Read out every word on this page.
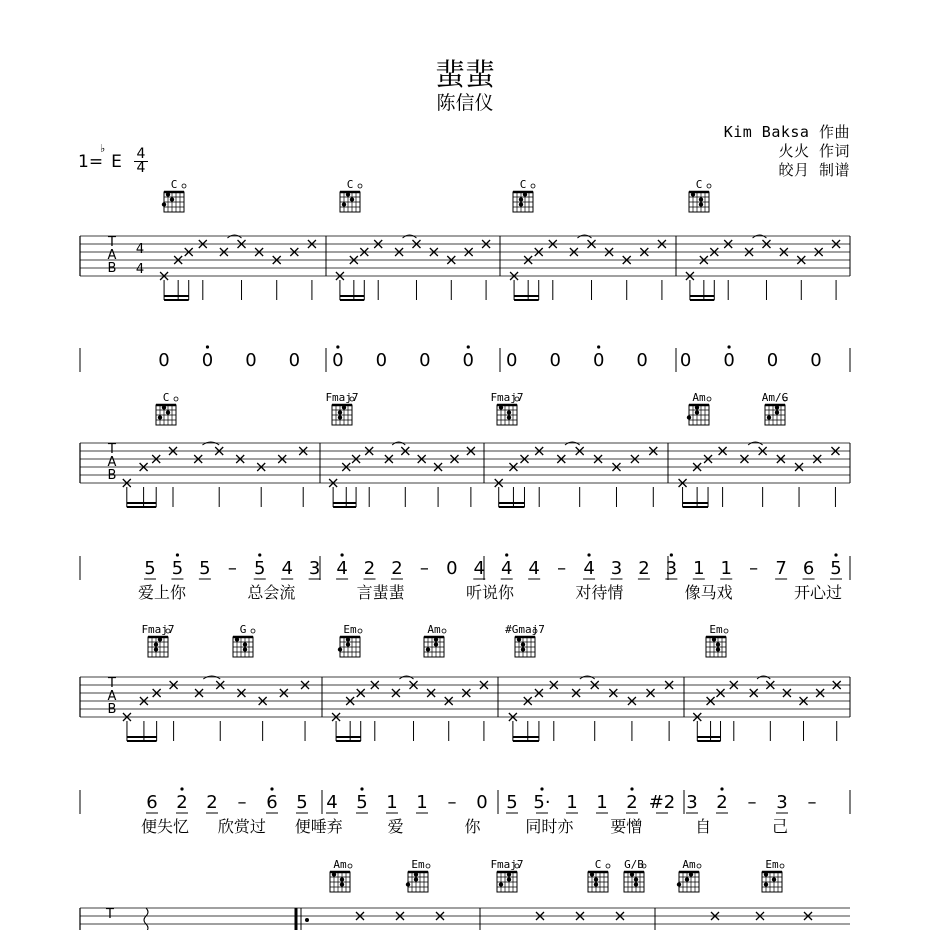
蜚蜚
陈信仪
Kim Baksa 作曲
火火 作词
皎月 制谱
1=
♭
E 4
4
C	C	C	C
T
A
B
4
4
0 0 0 0 0 0 0 0 0 0 0 0 0 0 0 0
C	Fmaj7	Fmaj7	Am	Am/G
T
A
B
5 5 5 – 5 4 3 4 2 2 – 0 4 4 4 – 4 3 2 3 1 1 – 7 6 5
爱上你	总会流	言蜚蜚	听说你	对待情	像马戏	开心过
Fmaj7	G	Em	Am	#Gmaj7	Em
T
A
B
6 2 2 – 6 5 4 5 1 1 – 0 5 5· 1 1 2 #2 3 2 – 3 –
便失忆 欣赏过 便唾弃	爱	你	同时亦 要憎	自	己
Am	Em	Fmaj7	C G/B	Am	Em
T
